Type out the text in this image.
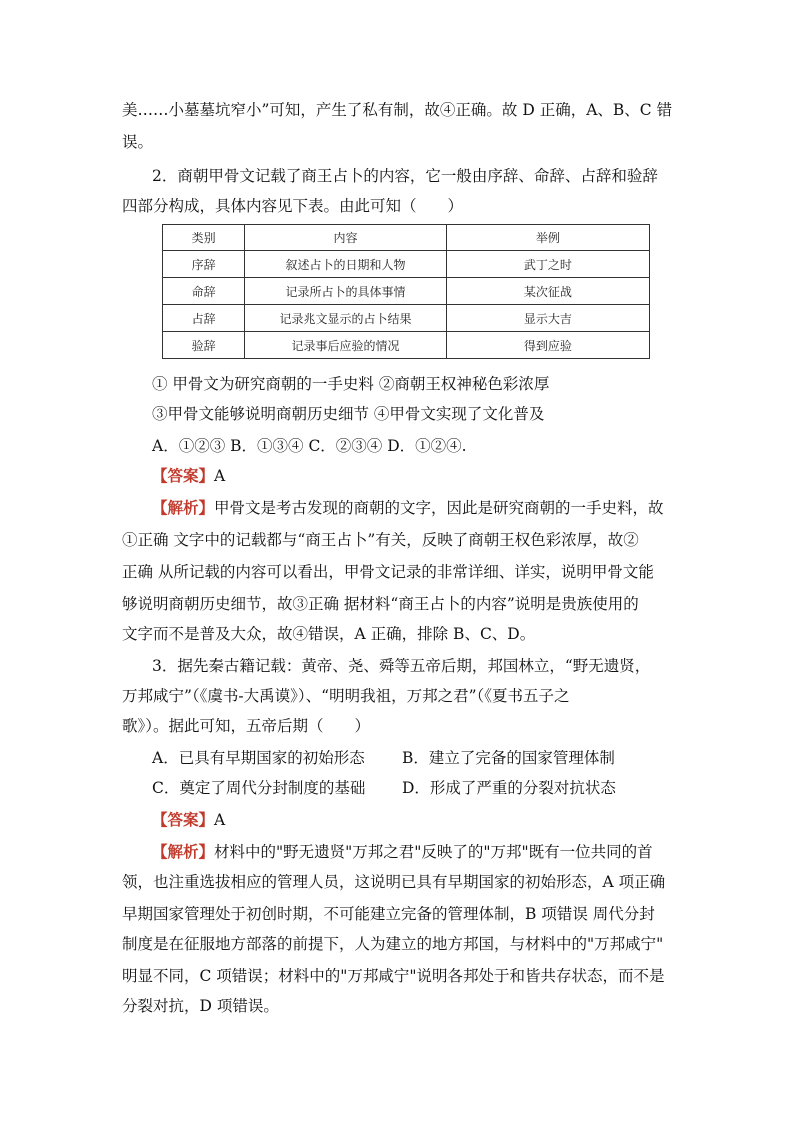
美……小墓墓坑窄小”可知，产生了私有制，故④正确。故 D 正确，A、B、C 错
误。
2．商朝甲骨文记载了商王占卜的内容，它一般由序辞、命辞、占辞和验辞
四部分构成，具体内容见下表。由此可知（　　）
类别	内容	举例
序辞	叙述占卜的日期和人物	武丁之时
命辞	记录所占卜的具体事情	某次征战
占辞	记录兆文显示的占卜结果	显示大吉
验辞	记录事后应验的情况	得到应验
① 甲骨文为研究商朝的一手史料 ②商朝王权神秘色彩浓厚
③甲骨文能够说明商朝历史细节 ④甲骨文实现了文化普及
A．①②③ B．①③④ C．②③④ D．①②④.
【答案】A
【解析】甲骨文是考古发现的商朝的文字，因此是研究商朝的一手史料，故
①正确 文字中的记载都与“商王占卜”有关，反映了商朝王权色彩浓厚，故②
正确 从所记载的内容可以看出，甲骨文记录的非常详细、详实，说明甲骨文能
够说明商朝历史细节，故③正确 据材料“商王占卜的内容”说明是贵族使用的
文字而不是普及大众，故④错误，A 正确，排除 B、C、D。
3．据先秦古籍记载：黄帝、尧、舜等五帝后期，邦国林立，“野无遗贤，
万邦咸宁”（《虞书-大禹谟》）、“明明我祖，万邦之君”（《夏书五子之
歌》）。据此可知，五帝后期（　　）
A．已具有早期国家的初始形态 B．建立了完备的国家管理体制
C．奠定了周代分封制度的基础 D．形成了严重的分裂对抗状态
【答案】A
【解析】材料中的"野无遗贤"万邦之君"反映了的"万邦"既有一位共同的首
领，也注重选拔相应的管理人员，这说明已具有早期国家的初始形态，A 项正确
早期国家管理处于初创时期，不可能建立完备的管理体制，B 项错误 周代分封
制度是在征服地方部落的前提下，人为建立的地方邦国，与材料中的"万邦咸宁"
明显不同，C 项错误；材料中的"万邦咸宁"说明各邦处于和皆共存状态，而不是
分裂对抗，D 项错误。
